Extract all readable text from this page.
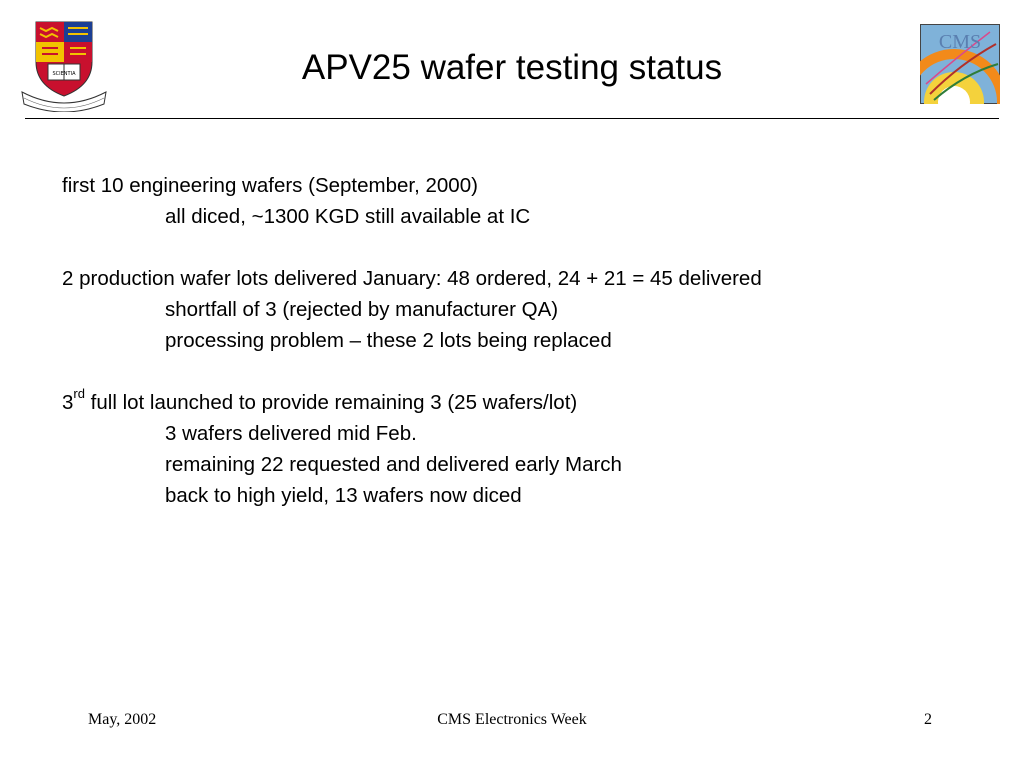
SCIENTIA
CMS
APV25 wafer testing status
first 10 engineering wafers (September, 2000)
all diced, ~1300 KGD still available at IC
2 production wafer lots delivered January: 48 ordered, 24 + 21 = 45 delivered
shortfall of 3 (rejected by manufacturer QA)
processing problem – these 2 lots being replaced
3rd full lot launched to provide remaining 3 (25 wafers/lot)
3 wafers delivered mid Feb.
remaining 22 requested and delivered early March
back to high yield, 13 wafers now diced
May, 2002	CMS Electronics Week	2
